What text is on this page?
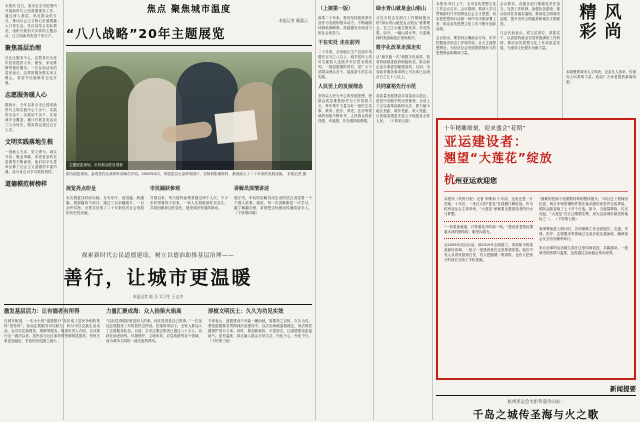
本报讯 近日，我市在全市范围内开展新时代公民道德建设工作，通过深入基层、贴近群众的方式，推动社会主义核心价值观融入日常生活。各区县结合实际情况，组织开展形式多样的主题活动，让文明新风吹进千家万户。
聚焦基层治理
在社区服务中心，志愿者们为老年居民提供义诊、理发、家电维修等便民服务。一位参加活动的居民表示，这样的服务既实用又暖心，希望今后能够常态化开展。
志愿服务暖人心
据统计，今年以来全市已建成新时代文明实践中心十余个、实践所百余个、实践站千余个，实现城乡全覆盖，累计开展各类活动三万余场次，服务群众超过百万人次。
文明实践落地生根
一批助人为乐、见义勇为、诚实守信、敬业奉献、孝老爱亲的先进典型不断涌现，他们用平凡善举诠释了社会主义道德的丰富内涵，成为身边可学可做的榜样。
道德模范树榜样
焦点 聚焦城市温度
本报记者 戴惠云
“八八战略”20年主题展览
主题展览现场，市民群众驻足观看
图为展览现场，参观者在认真聆听讲解员介绍。2006年8月，该展览以大量珍贵图片、实物和影像资料，系统展示了二十年来的发展成就。 本报记者 摄
展览亮点纷呈
本次展览以时间为轴，分为序厅、奋进篇、跨越篇、展望篇四个部分，通过三百余幅图片、一百余件实物，全景式呈现了二十年来经济社会发展的历史性成就。
市民踊跃参观
开展以来，每天接待参观者超过两千人次。不少市民带着孩子前来，一家人在展板前驻足良久，共同回顾身边的变化，感受城市发展的脉动。
讲解员深情讲述
展厅内，年轻的讲解员用生动的语言讲述着一个个感人故事。她说，每一次讲解都是一次学习，越了解越自豪，希望把这份感动传递给更多人。 （下转第四版）
探索新时代公民道德建设，树立以德治助推基层治理——
善行，让城市更温暖
本报记者 陆 乐 实习生 王志杰
激发基层活力：让有德者有所得
在城东街道，一本小小的“道德银行”存折成了居民争相收集的“香饽饽”。参加志愿服务可以积分，积分可以兑换生活用品，也可以兑换理发、维修等服务。街道负责人介绍，自从推行这一做法以来，居民参与社区事务的热情明显提高，邻里关系更加融洽，矛盾纠纷也随之减少。
力量汇聚成海：众人拾柴火焰高
“以前觉得做好事是别人的事，现在觉得是自己的事。”一位参加志愿服务三年的居民这样说。在她的带动下，全家人都加入了志愿服务队伍。目前，全市注册志愿者已超过八十万人，活跃在助老助残、环境保护、文明劝导、应急救援等各个领域，成为城市文明的一道亮丽风景线。
厚植文明沃土：久久为功见实效
专家表示，道德建设不可能一蹴而就，需要持之以恒、久久为功。要把道德要求贯彻到法治建设中，以法治承载道德理念，用法律武器保护善行义举。同时，要创新载体、丰富形式，让道德建设更接地气、更有温度，真正融入群众日常生活，内化于心、外化于行。 （下转第三版）
（上接第一版）
改革二十年来，我省坚持把改革开放作为发展的根本动力，不断破除体制机制障碍，持续激发市场活力和社会创造力。
干在实处 走在前列
二十年来，全省地区生产总值年均增长百分之八以上，城乡居民人均可支配收入连续多年位居全国前列。一组组数据的背后，是广大干部群众埋头苦干、接续奋斗的生动实践。
人民至上的发展理念
坚持以人民为中心的发展思想，把群众的急难愁盼作为工作的着力点，每年集中力量办好一批民生实事，教育、医疗、养老、住房等领域的短板不断补齐，人民群众的获得感、幸福感、安全感持续增强。
绿水青山就是金山银山
习近平同志在浙江工作期间提出的“绿水青山就是金山银山”重要理念，在之江大地生根发芽、开花结果。如今，一幅山清水秀、天蓝地绿的美丽画卷正徐徐展开。
数字化改革走深走实
从“最多跑一次”到数字化改革，我省持续推进政府职能转变，群众和企业办事更加便捷高效。目前，全省政务服务事项网上可办率已达到百分之九十八以上。
共同富裕先行示范
高质量发展建设共同富裕示范区，是党中央赋予的光荣使命。全省上下正以改革创新的办法，着力缩小地区差距、城乡差距、收入差距，让发展成果更多更公平地惠及全体人民。 （下转第五版）
本报讯 昨日上午，全市宣传思想文化工作会议召开。会议强调，要深入学习贯彻新时代中国特色社会主义思想，切实把思想和行动统一到中央决策部署上来，推动宣传思想文化工作不断开创新局面。
会议指出，要坚持正确政治方向，牢牢把握意识形态工作领导权，壮大主流思想舆论，为经济社会发展提供强有力的思想保证和精神力量。
会议要求，各级各部门要强化责任担当，完善工作机制，加强队伍建设，推动各项任务落实落细。要深化文明城市创建，提升市民文明素养和城市文明程度。
与会代表表示，将立足岗位、真抓实干，以高度的政治自觉和饱满的工作热情，推动宣传思想文化工作高质量发展，为建设文化强市贡献力量。
精 风
彩 尚
本版聚焦城市人文风尚，记录凡人善举，传递向上向善的力量。欢迎广大读者提供新闻线索。
十年精雕细刻，迎来盛会“花期”
亚运建设者：
翘望“大莲花”绽放
杭州亚运欢迎您
本报讯《杭州日报》记者 李维和 十年前，这里还是一片荒地；十年后，一朵巨大的“莲花”在钱塘江畔绽放。作为杭州亚运会主体育场，“大莲花”承载着无数建设者的汗水与梦想。
“一切准备就绪，只等着花开的那一刻。”建设者老张抚摸着冰凉的钢结构，眼里闪着光。
从2009年项目启动，到2019年全面竣工，再到如今的赛前最后冲刺，一批又一批建设者在这里挥洒青春。他们中有人从青丝熬到白发，有人把婚期一推再推，也有人把孩子的成长交给了手机视频。
“最难的是那个屋面钢结构的整体提升。”项目总工程师回忆说，两万多吨的钢构件要在毫米级的误差内完成拼装，团队连续奋战了七十多个日夜。如今，当夜幕降临，灯光亮起，“大莲花”在江边熠熠生辉，成为这座城市最美的地标之一。 （下转第七版）
赛事筹备进入倒计时，各项保障工作全面展开。交通、安保、医疗、志愿服务等领域已完成多轮实战演练，确保赛会安全有序顺利举行。
来自全球的运动健儿将在这里同场竞技，共襄盛举。一座城市的热情与温度，也将通过这场盛会传向世界。
新闻提要
杭州亚运会火炬传递舟山站：
千岛之城传圣海与火之歌
